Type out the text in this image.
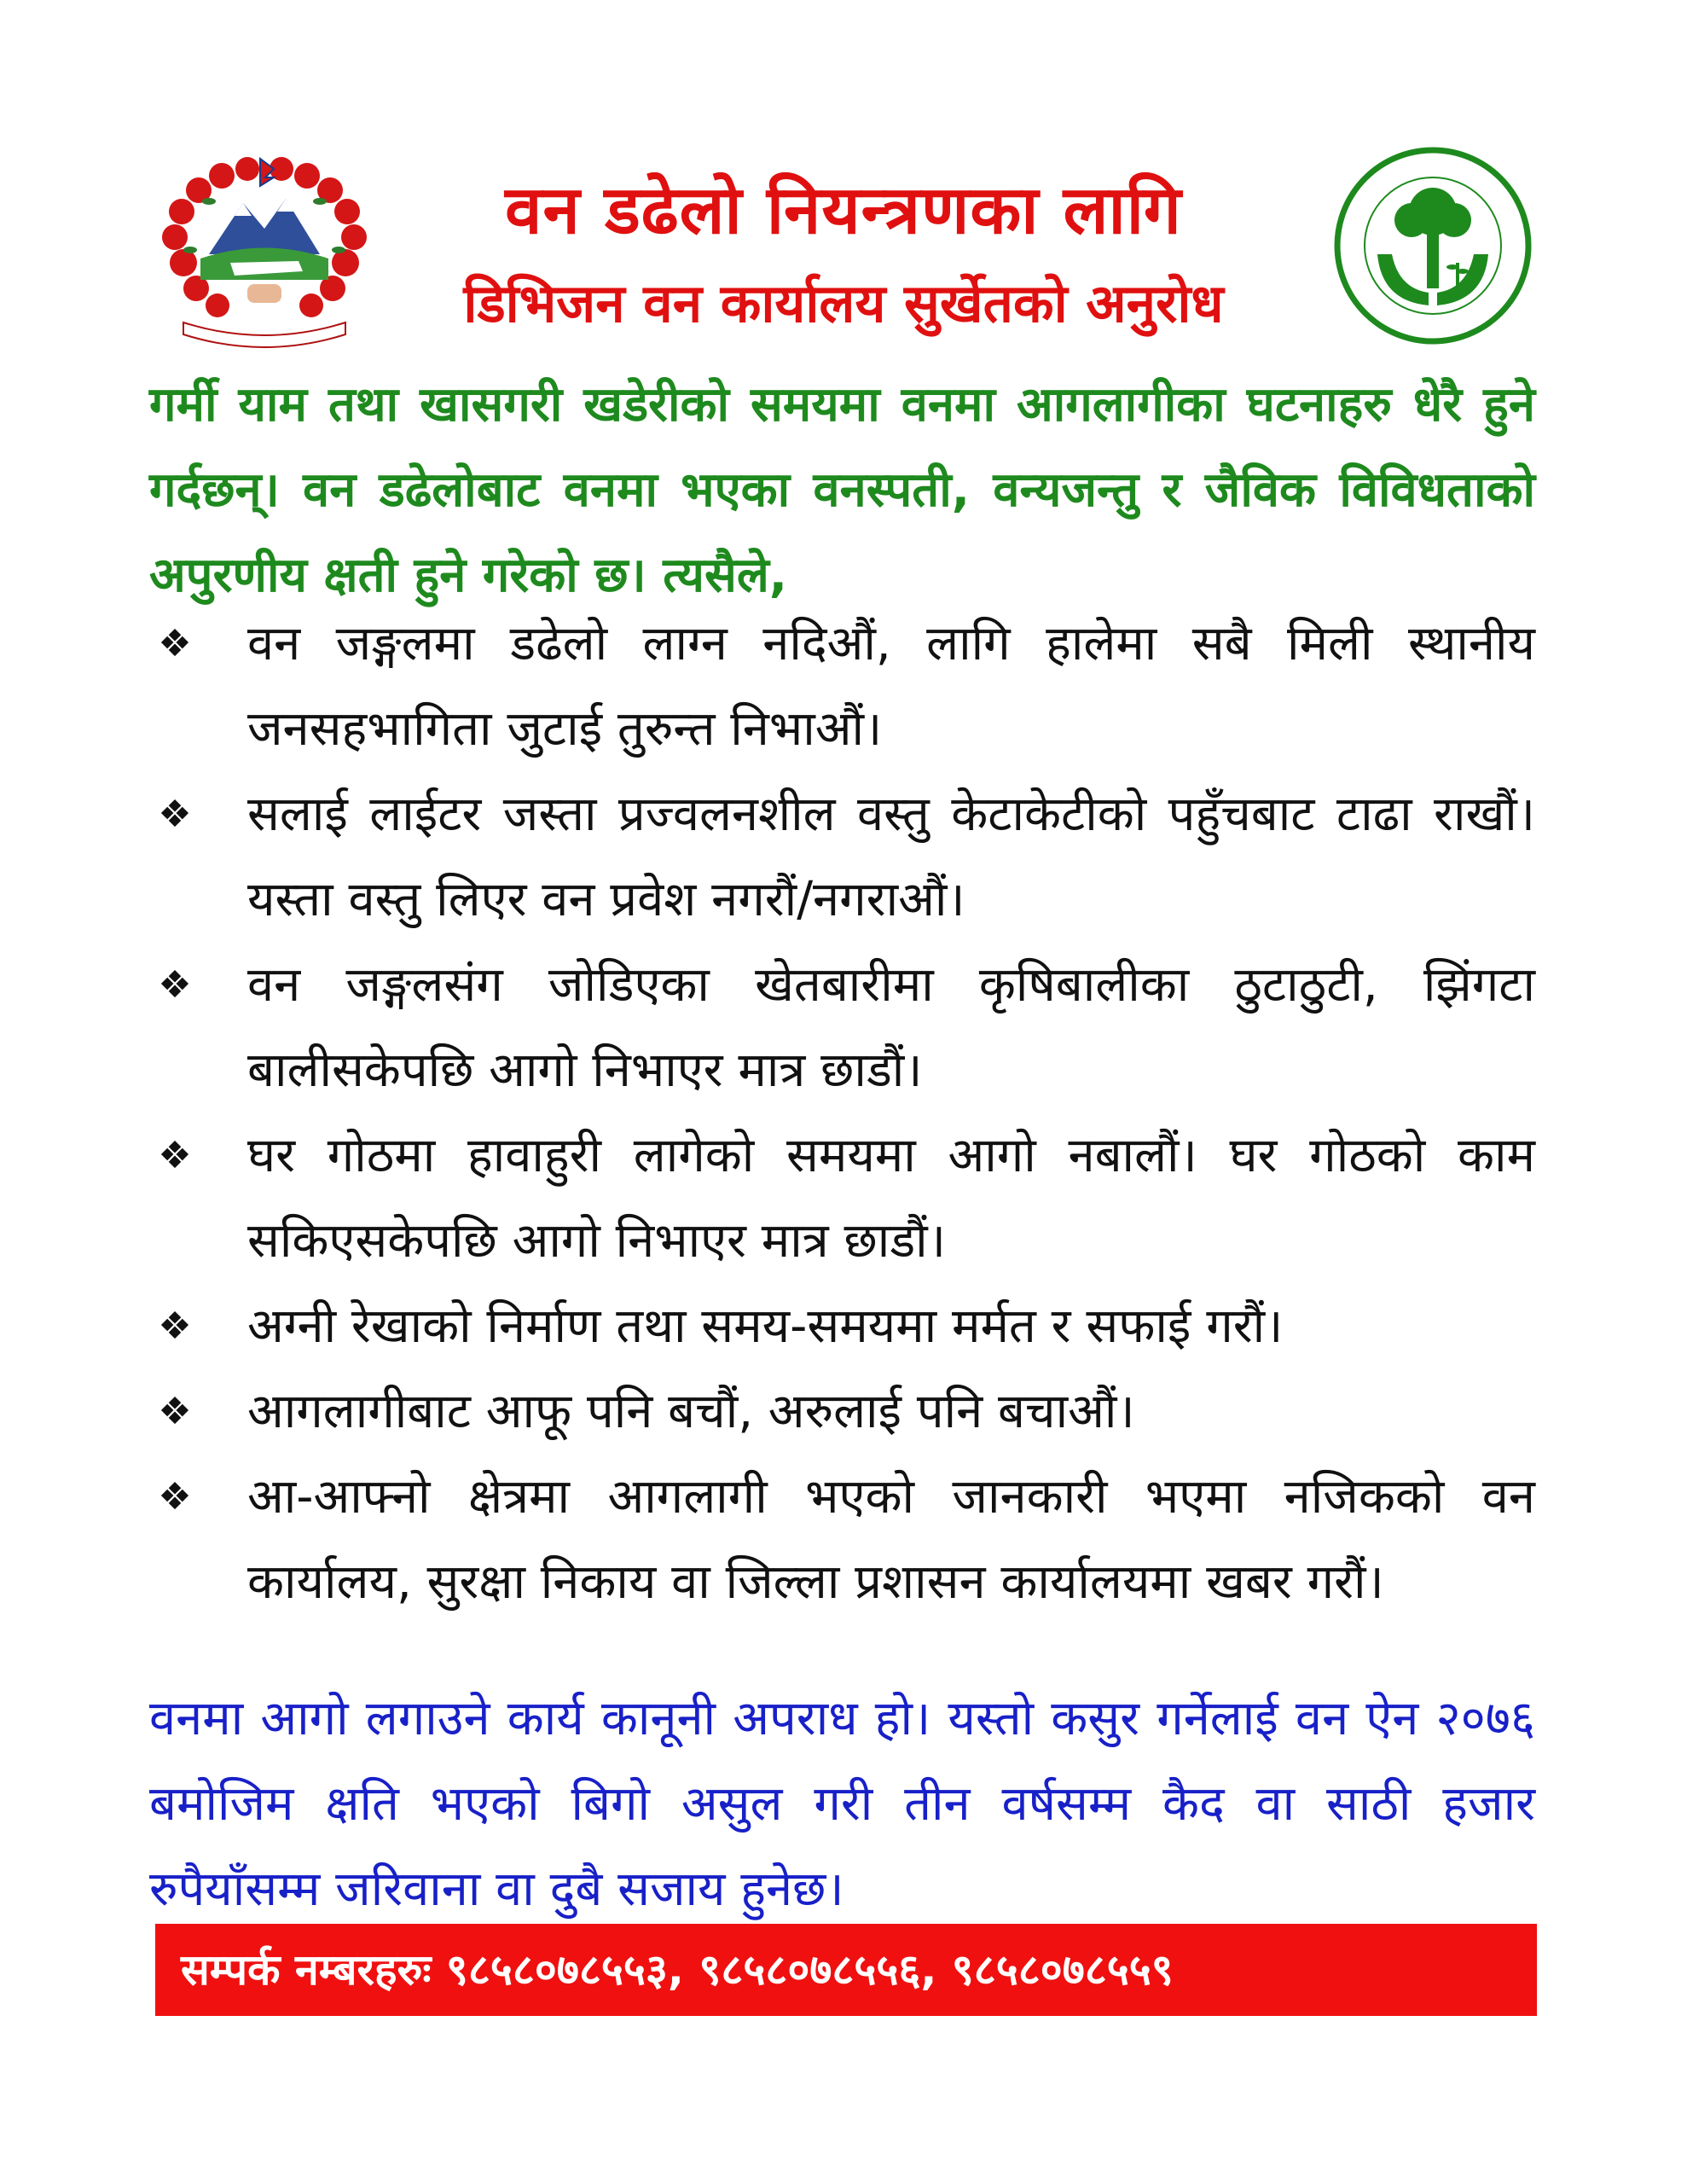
वन डढेलो नियन्त्रणका लागि
डिभिजन वन कार्यालय सुर्खेतको अनुरोध
गर्मी याम तथा खासगरी खडेरीको समयमा वनमा आगलागीका घटनाहरु धेरै हुने गर्दछन्। वन डढेलोबाट वनमा भएका वनस्पती, वन्यजन्तु र जैविक विविधताको अपुरणीय क्षती हुने गरेको छ। त्यसैले,
❖ वन जङ्गलमा डढेलो लाग्न नदिऔं, लागि हालेमा सबै मिली स्थानीय जनसहभागिता जुटाई तुरुन्त निभाऔं।
❖ सलाई लाईटर जस्ता प्रज्वलनशील वस्तु केटाकेटीको पहुँचबाट टाढा राखौं। यस्ता वस्तु लिएर वन प्रवेश नगरौं/नगराऔं।
❖ वन जङ्गलसंग जोडिएका खेतबारीमा कृषिबालीका ठुटाठुटी, झिंगटा बालीसकेपछि आगो निभाएर मात्र छाडौं।
❖ घर गोठमा हावाहुरी लागेको समयमा आगो नबालौं। घर गोठको काम सकिएसकेपछि आगो निभाएर मात्र छाडौं।
❖ अग्नी रेखाको निर्माण तथा समय-समयमा मर्मत र सफाई गरौं।
❖ आगलागीबाट आफू पनि बचौं, अरुलाई पनि बचाऔं।
❖ आ-आफ्नो क्षेत्रमा आगलागी भएको जानकारी भएमा नजिकको वन कार्यालय, सुरक्षा निकाय वा जिल्ला प्रशासन कार्यालयमा खबर गरौं।
वनमा आगो लगाउने कार्य कानूनी अपराध हो। यस्तो कसुर गर्नेलाई वन ऐन २०७६ बमोजिम क्षति भएको बिगो असुल गरी तीन वर्षसम्म कैद वा साठी हजार रुपैयाँसम्म जरिवाना वा दुबै सजाय हुनेछ।
सम्पर्क नम्बरहरुः ९८५८०७८५५३, ९८५८०७८५५६, ९८५८०७८५५९
